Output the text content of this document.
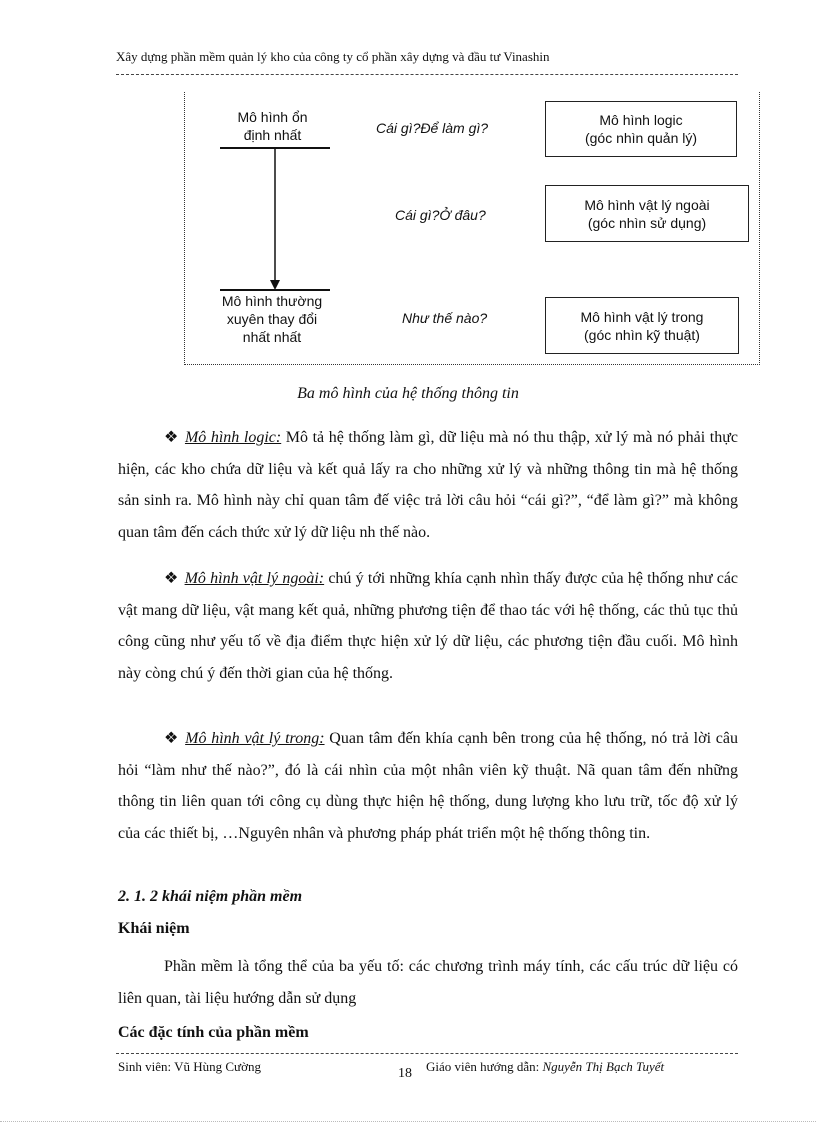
Xây dựng phần mềm quản lý kho của công ty cổ phần xây dựng và đầu tư Vinashin
Mô hình ổn
định nhất
Mô hình thường
xuyên thay đổi
nhất nhất
Cái gì?Để làm gì?
Cái gì?Ở đâu?
Như thế nào?
Mô hình logic
(góc nhìn quản lý)
Mô hình vật lý ngoài
(góc nhìn sử dụng)
Mô hình vật lý trong
(góc nhìn kỹ thuật)
Ba mô hình của hệ thống thông tin
❖ Mô hình logic: Mô tả hệ thống làm gì, dữ liệu mà nó thu thập, xử lý mà nó phải thực hiện, các kho chứa dữ liệu và kết quả lấy ra cho những xử lý và những thông tin mà hệ thống sản sinh ra. Mô hình này chỉ quan tâm đế việc trả lời câu hỏi “cái gì?”, “để làm gì?” mà không quan tâm đến cách thức xử lý dữ liệu nh thế nào.
❖ Mô hình vật lý ngoài: chú ý tới những khía cạnh nhìn thấy được của hệ thống như các vật mang dữ liệu, vật mang kết quả, những phương tiện để thao tác với hệ thống, các thủ tục thủ công cũng như yếu tố về địa điểm thực hiện xử lý dữ liệu, các phương tiện đầu cuối. Mô hình này còng chú ý đến thời gian của hệ thống.
❖ Mô hình vật lý trong: Quan tâm đến khía cạnh bên trong của hệ thống, nó trả lời câu hỏi “làm như thế nào?”, đó là cái nhìn của một nhân viên kỹ thuật. Nã quan tâm đến những thông tin liên quan tới công cụ dùng thực hiện hệ thống, dung lượng kho lưu trữ, tốc độ xử lý của các thiết bị, …Nguyên nhân và phương pháp phát triển một hệ thống thông tin.
2. 1. 2 khái niệm phần mềm
Khái niệm
Phần mềm là tổng thể của ba yếu tố: các chương trình máy tính, các cấu trúc dữ liệu có liên quan, tài liệu hướng dẫn sử dụng
Các đặc tính của phần mềm
Sinh viên: Vũ Hùng Cường	18 Giáo viên hướng dẫn: Nguyễn Thị Bạch Tuyết
